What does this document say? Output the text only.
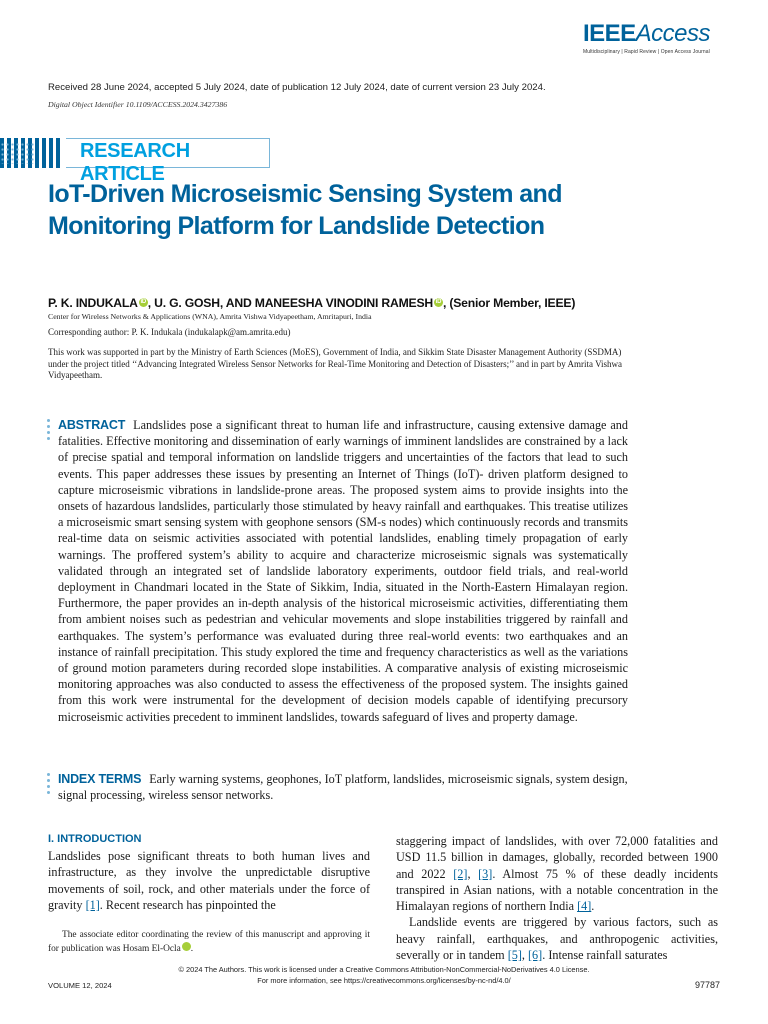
IEEEAccess
Multidisciplinary | Rapid Review | Open Access Journal
Received 28 June 2024, accepted 5 July 2024, date of publication 12 July 2024, date of current version 23 July 2024.
Digital Object Identifier 10.1109/ACCESS.2024.3427386
RESEARCH ARTICLE
IoT-Driven Microseismic Sensing System and Monitoring Platform for Landslide Detection
P. K. INDUKALA iD , U. G. GOSH, AND MANEESHA VINODINI RAMESH iD , (Senior Member, IEEE)
Center for Wireless Networks & Applications (WNA), Amrita Vishwa Vidyapeetham, Amritapuri, India
Corresponding author: P. K. Indukala (indukalapk@am.amrita.edu)
This work was supported in part by the Ministry of Earth Sciences (MoES), Government of India, and Sikkim State Disaster Management Authority (SSDMA) under the project titled ‘‘Advancing Integrated Wireless Sensor Networks for Real-Time Monitoring and Detection of Disasters;’’ and in part by Amrita Vishwa Vidyapeetham.

ABSTRACT Landslides pose a significant threat to human life and infrastructure, causing extensive damage and fatalities. Effective monitoring and dissemination of early warnings of imminent landslides are constrained by a lack of precise spatial and temporal information on landslide triggers and uncertainties of the factors that lead to such events. This paper addresses these issues by presenting an Internet of Things (IoT)- driven platform designed to capture microseismic vibrations in landslide-prone areas. The proposed system aims to provide insights into the onsets of hazardous landslides, particularly those stimulated by heavy rainfall and earthquakes. This treatise utilizes a microseismic smart sensing system with geophone sensors (SM-s nodes) which continuously records and transmits real-time data on seismic activities associated with potential landslides, enabling timely propagation of early warnings. The proffered system’s ability to acquire and characterize microseismic signals was systematically validated through an integrated set of landslide laboratory experiments, outdoor field trials, and real-world deployment in Chandmari located in the State of Sikkim, India, situated in the North-Eastern Himalayan region. Furthermore, the paper provides an in-depth analysis of the historical microseismic activities, differentiating them from ambient noises such as pedestrian and vehicular movements and slope instabilities triggered by rainfall and earthquakes. The system’s performance was evaluated during three real-world events: two earthquakes and an instance of rainfall precipitation. This study explored the time and frequency characteristics as well as the variations of ground motion parameters during recorded slope instabilities. A comparative analysis of existing microseismic monitoring approaches was also conducted to assess the effectiveness of the proposed system. The insights gained from this work were instrumental for the development of decision models capable of identifying precursory microseismic activities precedent to imminent landslides, towards safeguard of lives and property damage.

INDEX TERMS Early warning systems, geophones, IoT platform, landslides, microseismic signals, system design, signal processing, wireless sensor networks.

I. INTRODUCTION

Landslides pose significant threats to both human lives and infrastructure, as they involve the unpredictable disruptive movements of soil, rock, and other materials under the force of gravity [1]. Recent research has pinpointed the

The associate editor coordinating the review of this manuscript and approving it for publication was Hosam El-Ocla	iD.

staggering impact of landslides, with over 72,000 fatalities and USD 11.5 billion in damages, globally, recorded between 1900 and 2022 [2], [3]. Almost 75 % of these deadly incidents transpired in Asian nations, with a notable concentration in the Himalayan regions of northern India [4].

Landslide events are triggered by various factors, such as heavy rainfall, earthquakes, and anthropogenic activities, severally or in tandem [5], [6]. Intense rainfall saturates

© 2024 The Authors. This work is licensed under a Creative Commons Attribution-NonCommercial-NoDerivatives 4.0 License.
For more information, see https://creativecommons.org/licenses/by-nc-nd/4.0/
VOLUME 12, 2024	97787
